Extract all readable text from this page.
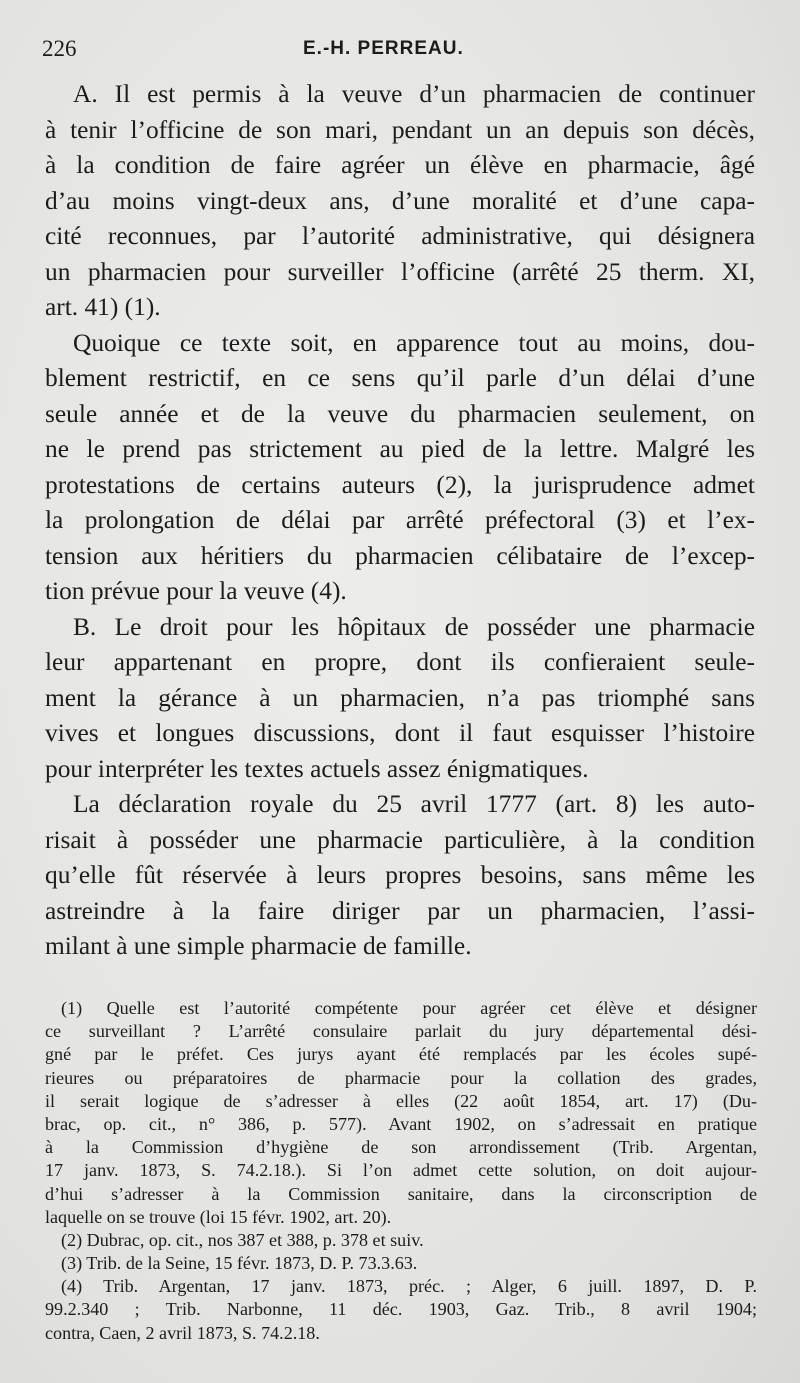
226	E.-H. PERREAU.
A. Il est permis à la veuve d’un pharmacien de continuer
à tenir l’officine de son mari, pendant un an depuis son décès,
à la condition de faire agréer un élève en pharmacie, âgé
d’au moins vingt-deux ans, d’une moralité et d’une capa-
cité reconnues, par l’autorité administrative, qui désignera
un pharmacien pour surveiller l’officine (arrêté 25 therm. XI,
art. 41) (1).
Quoique ce texte soit, en apparence tout au moins, dou-
blement restrictif, en ce sens qu’il parle d’un délai d’une
seule année et de la veuve du pharmacien seulement, on
ne le prend pas strictement au pied de la lettre. Malgré les
protestations de certains auteurs (2), la jurisprudence admet
la prolongation de délai par arrêté préfectoral (3) et l’ex-
tension aux héritiers du pharmacien célibataire de l’excep-
tion prévue pour la veuve (4).
B. Le droit pour les hôpitaux de posséder une pharmacie
leur appartenant en propre, dont ils confieraient seule-
ment la gérance à un pharmacien, n’a pas triomphé sans
vives et longues discussions, dont il faut esquisser l’histoire
pour interpréter les textes actuels assez énigmatiques.
La déclaration royale du 25 avril 1777 (art. 8) les auto-
risait à posséder une pharmacie particulière, à la condition
qu’elle fût réservée à leurs propres besoins, sans même les
astreindre à la faire diriger par un pharmacien, l’assi-
milant à une simple pharmacie de famille.
(1) Quelle est l’autorité compétente pour agréer cet élève et désigner
ce surveillant ? L’arrêté consulaire parlait du jury départemental dési-
gné par le préfet. Ces jurys ayant été remplacés par les écoles supé-
rieures ou préparatoires de pharmacie pour la collation des grades,
il serait logique de s’adresser à elles (22 août 1854, art. 17) (Du-
brac, op. cit., n° 386, p. 577). Avant 1902, on s’adressait en pratique
à la Commission d’hygiène de son arrondissement (Trib. Argentan,
17 janv. 1873, S. 74.2.18.). Si l’on admet cette solution, on doit aujour-
d’hui s’adresser à la Commission sanitaire, dans la circonscription de
laquelle on se trouve (loi 15 févr. 1902, art. 20).
(2) Dubrac, op. cit., nos 387 et 388, p. 378 et suiv.
(3) Trib. de la Seine, 15 févr. 1873, D. P. 73.3.63.
(4) Trib. Argentan, 17 janv. 1873, préc. ; Alger, 6 juill. 1897, D. P.
99.2.340 ; Trib. Narbonne, 11 déc. 1903, Gaz. Trib., 8 avril 1904;
contra, Caen, 2 avril 1873, S. 74.2.18.
